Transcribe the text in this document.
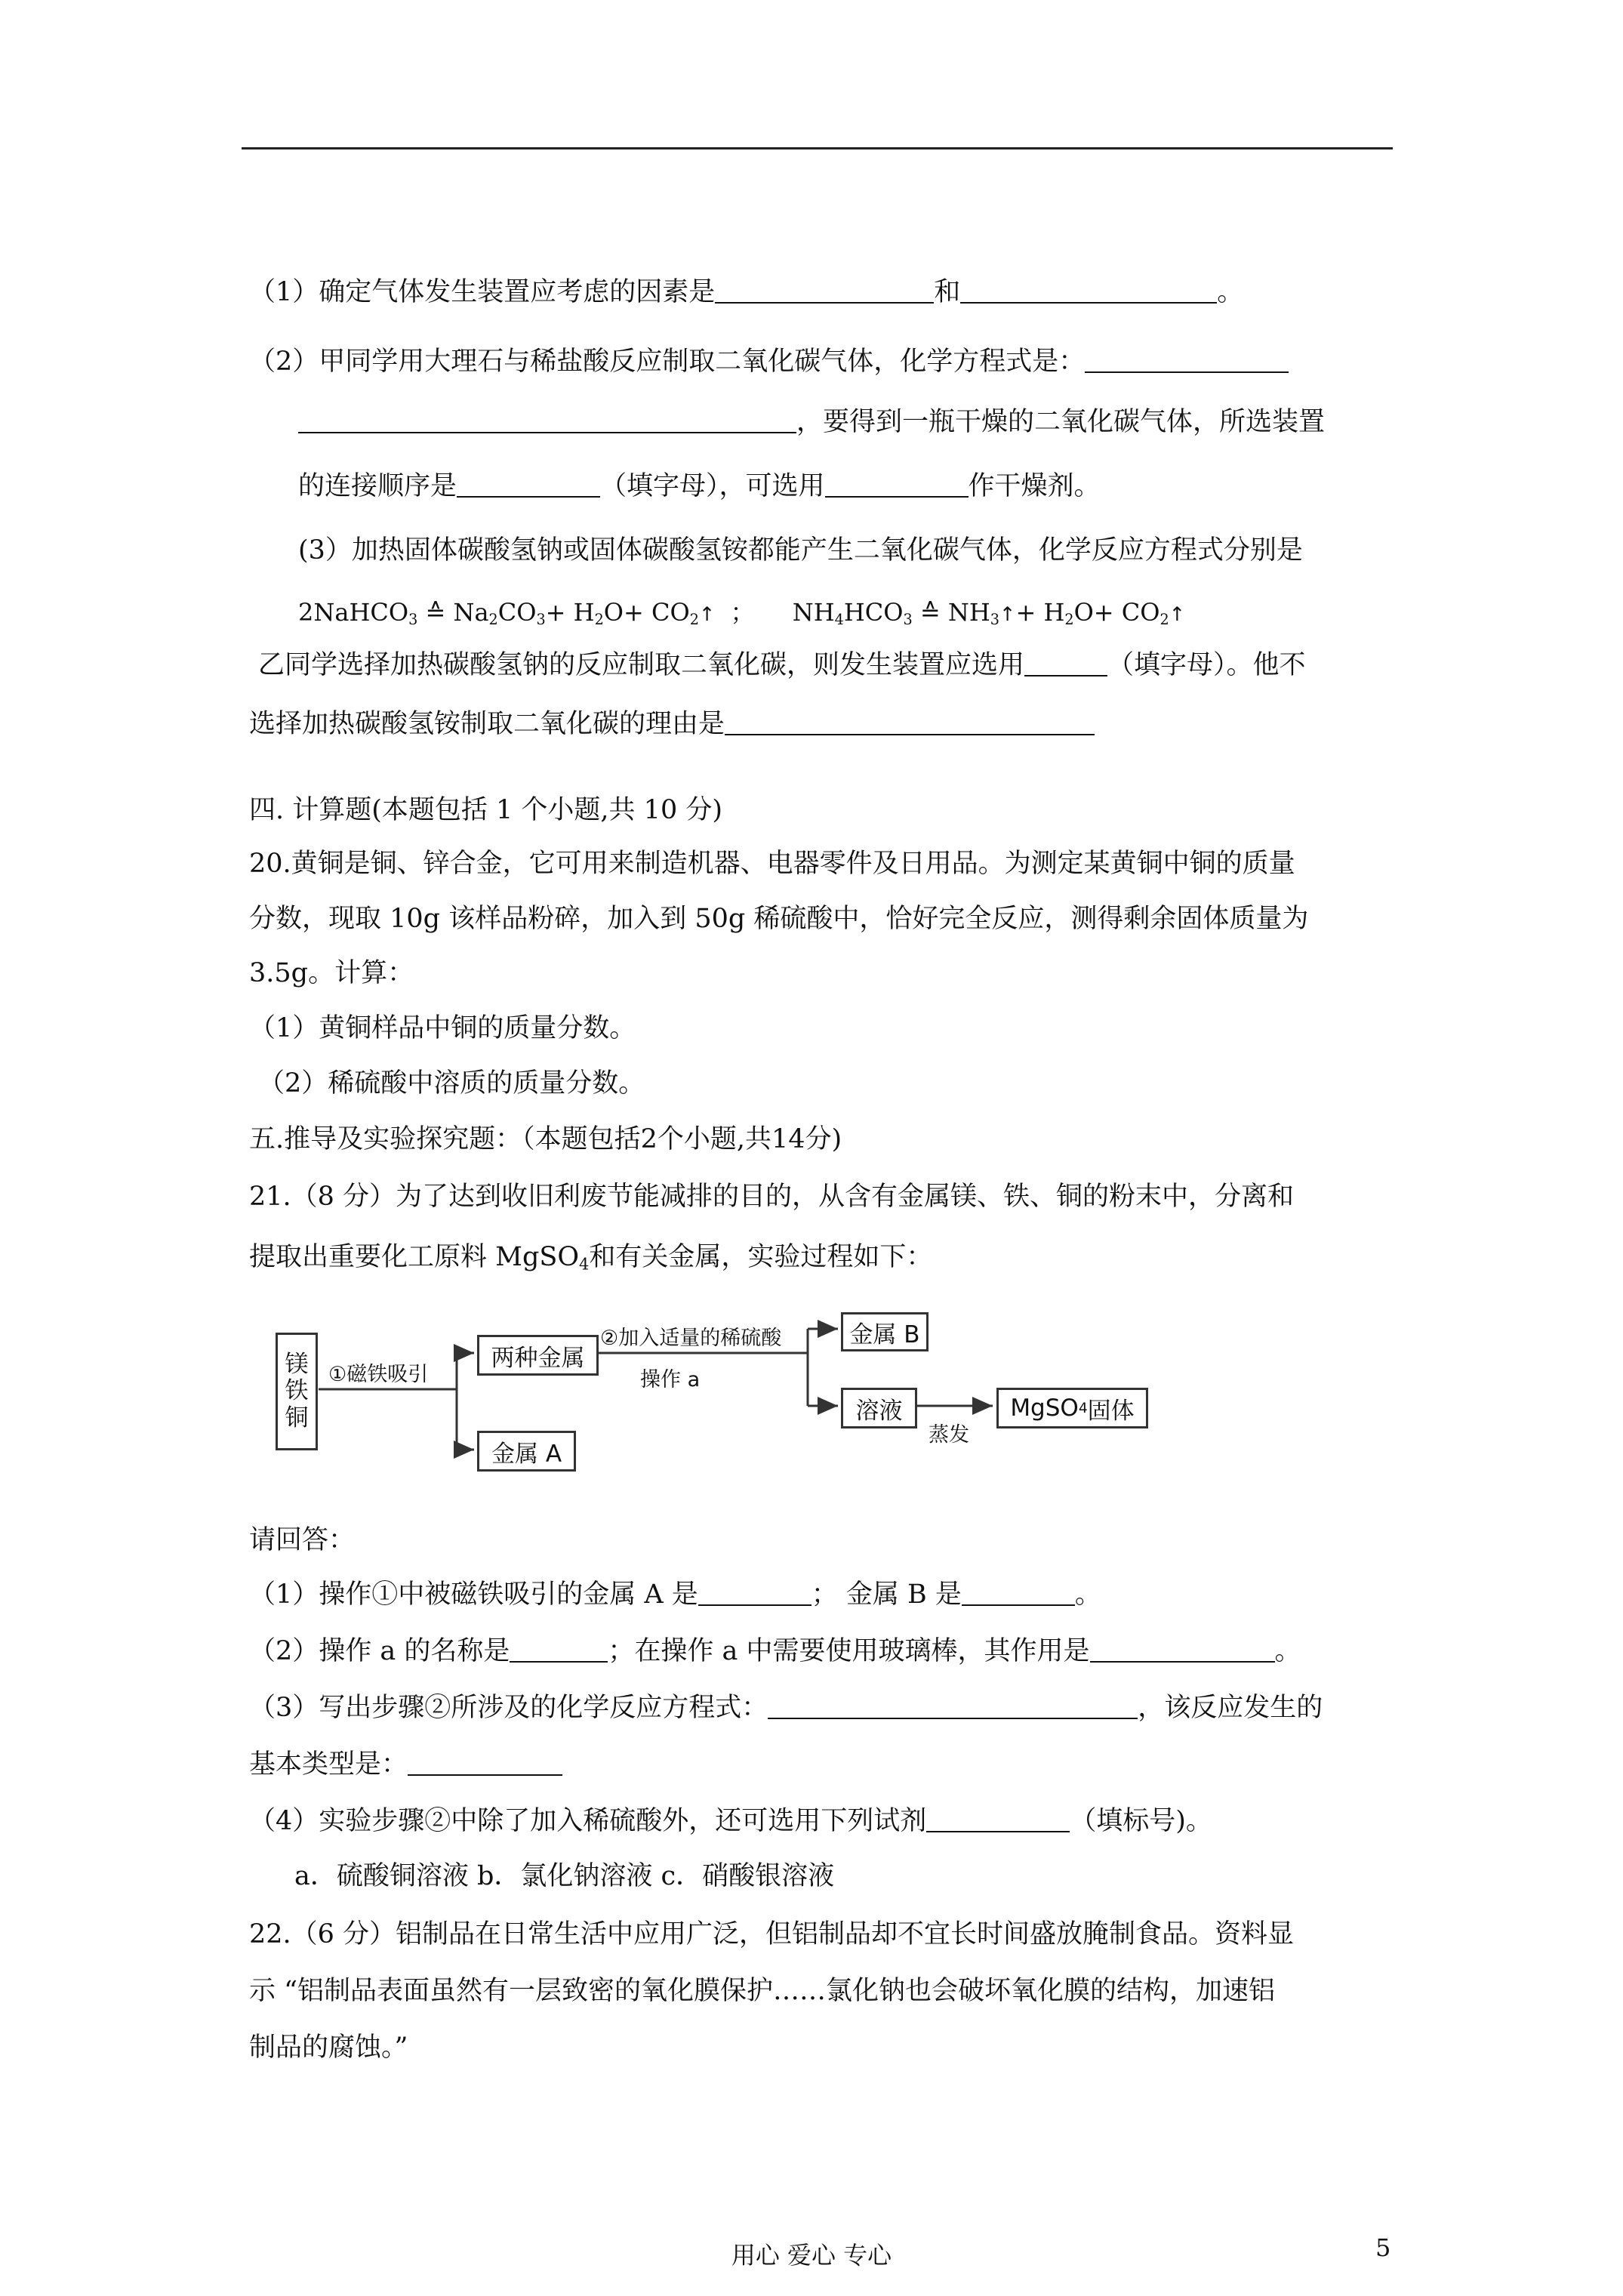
（1）确定气体发生装置应考虑的因素是	和	。
（2）甲同学用大理石与稀盐酸反应制取二氧化碳气体，化学方程式是：
，要得到一瓶干燥的二氧化碳气体，所选装置
的连接顺序是	（填字母），可选用	作干燥剂。
(3）加热固体碳酸氢钠或固体碳酸氢铵都能产生二氧化碳气体，化学反应方程式分别是
2NaHCO$_3$ ≙ $Na_2CO_3+ H_2O+$ $CO_2↑$ ； $NH_4HCO_3$ ≙ $NH_3↑+ H_2O+$ $CO_2↑$
乙同学选择加热碳酸氢钠的反应制取二氧化碳，则发生装置应选用	（填字母）。他不
选择加热碳酸氢铵制取二氧化碳的理由是
四. 计算题(本题包括 1 个小题,共 10 分)
20.黄铜是铜、锌合金，它可用来制造机器、电器零件及日用品。为测定某黄铜中铜的质量
分数，现取 10g 该样品粉碎，加入到 50g 稀硫酸中，恰好完全反应，测得剩余固体质量为
3.5g。计算：
（1）黄铜样品中铜的质量分数。
（2）稀硫酸中溶质的质量分数。
五.推导及实验探究题：（本题包括2个小题,共14分)
21.（8 分）为了达到收旧利废节能减排的目的，从含有金属镁、铁、铜的粉末中，分离和
提取出重要化工原料 MgSO$_4$和有关金属，实验过程如下：
镁
铁
铜
①磁铁吸引
两种金属
金属 A
②加入适量的稀硫酸
操作 a
金属 B
溶液
蒸发
MgSO 4 固体
请回答：
（1）操作①中被磁铁吸引的金属 A 是	； 金属 B 是	。
（2）操作 a 的名称是	；在操作 a 中需要使用玻璃棒，其作用是	。
（3）写出步骤②所涉及的化学反应方程式：	，该反应发生的
基本类型是：
（4）实验步骤②中除了加入稀硫酸外，还可选用下列试剂	（填标号)。
a．硫酸铜溶液 b．氯化钠溶液 c．硝酸银溶液
22.（6 分）铝制品在日常生活中应用广泛，但铝制品却不宜长时间盛放腌制食品。资料显
示 “铝制品表面虽然有一层致密的氧化膜保护……氯化钠也会破坏氧化膜的结构，加速铝
制品的腐蚀。”
用心 爱心 专心	5
